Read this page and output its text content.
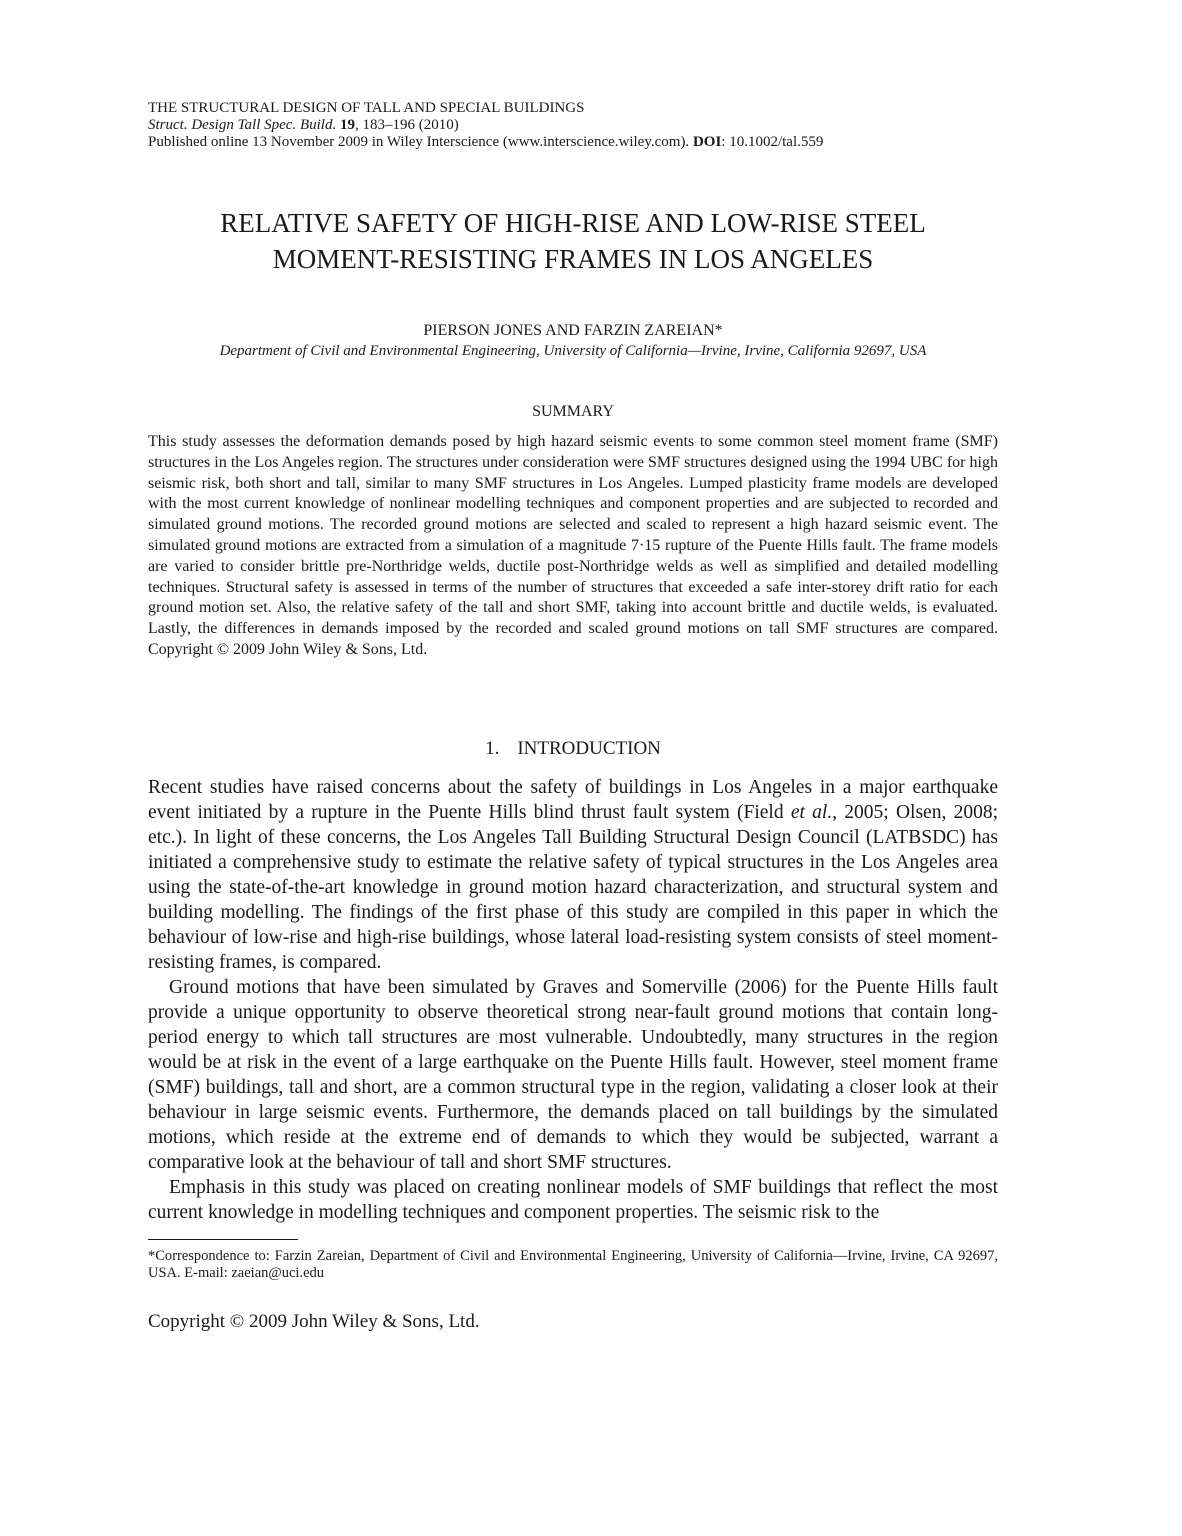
THE STRUCTURAL DESIGN OF TALL AND SPECIAL BUILDINGS
Struct. Design Tall Spec. Build. 19, 183–196 (2010)
Published online 13 November 2009 in Wiley Interscience (www.interscience.wiley.com). DOI: 10.1002/tal.559
RELATIVE SAFETY OF HIGH-RISE AND LOW-RISE STEEL
MOMENT-RESISTING FRAMES IN LOS ANGELES
PIERSON JONES AND FARZIN ZAREIAN*
Department of Civil and Environmental Engineering, University of California—Irvine, Irvine, California 92697, USA
SUMMARY
This study assesses the deformation demands posed by high hazard seismic events to some common steel moment frame (SMF) structures in the Los Angeles region. The structures under consideration were SMF structures designed using the 1994 UBC for high seismic risk, both short and tall, similar to many SMF structures in Los Angeles. Lumped plasticity frame models are developed with the most current knowledge of nonlinear modelling techniques and component properties and are subjected to recorded and simulated ground motions. The recorded ground motions are selected and scaled to represent a high hazard seismic event. The simulated ground motions are extracted from a simulation of a magnitude 7·15 rupture of the Puente Hills fault. The frame models are varied to consider brittle pre-Northridge welds, ductile post-Northridge welds as well as simplified and detailed modelling techniques. Structural safety is assessed in terms of the number of structures that exceeded a safe inter-storey drift ratio for each ground motion set. Also, the relative safety of the tall and short SMF, taking into account brittle and ductile welds, is evaluated. Lastly, the differences in demands imposed by the recorded and scaled ground motions on tall SMF structures are compared. Copyright © 2009 John Wiley & Sons, Ltd.
1. INTRODUCTION

Recent studies have raised concerns about the safety of buildings in Los Angeles in a major earthquake event initiated by a rupture in the Puente Hills blind thrust fault system (Field et al., 2005; Olsen, 2008; etc.). In light of these concerns, the Los Angeles Tall Building Structural Design Council (LATBSDC) has initiated a comprehensive study to estimate the relative safety of typical structures in the Los Angeles area using the state-of-the-art knowledge in ground motion hazard characterization, and structural system and building modelling. The findings of the first phase of this study are compiled in this paper in which the behaviour of low-rise and high-rise buildings, whose lateral load-resisting system consists of steel moment-resisting frames, is compared.

Ground motions that have been simulated by Graves and Somerville (2006) for the Puente Hills fault provide a unique opportunity to observe theoretical strong near-fault ground motions that contain long-period energy to which tall structures are most vulnerable. Undoubtedly, many structures in the region would be at risk in the event of a large earthquake on the Puente Hills fault. However, steel moment frame (SMF) buildings, tall and short, are a common structural type in the region, validating a closer look at their behaviour in large seismic events. Furthermore, the demands placed on tall buildings by the simulated motions, which reside at the extreme end of demands to which they would be subjected, warrant a comparative look at the behaviour of tall and short SMF structures.

Emphasis in this study was placed on creating nonlinear models of SMF buildings that reflect the most current knowledge in modelling techniques and component properties. The seismic risk to the

*Correspondence to: Farzin Zareian, Department of Civil and Environmental Engineering, University of California—Irvine, Irvine, CA 92697, USA. E-mail: zaeian@uci.edu
Copyright © 2009 John Wiley & Sons, Ltd.
